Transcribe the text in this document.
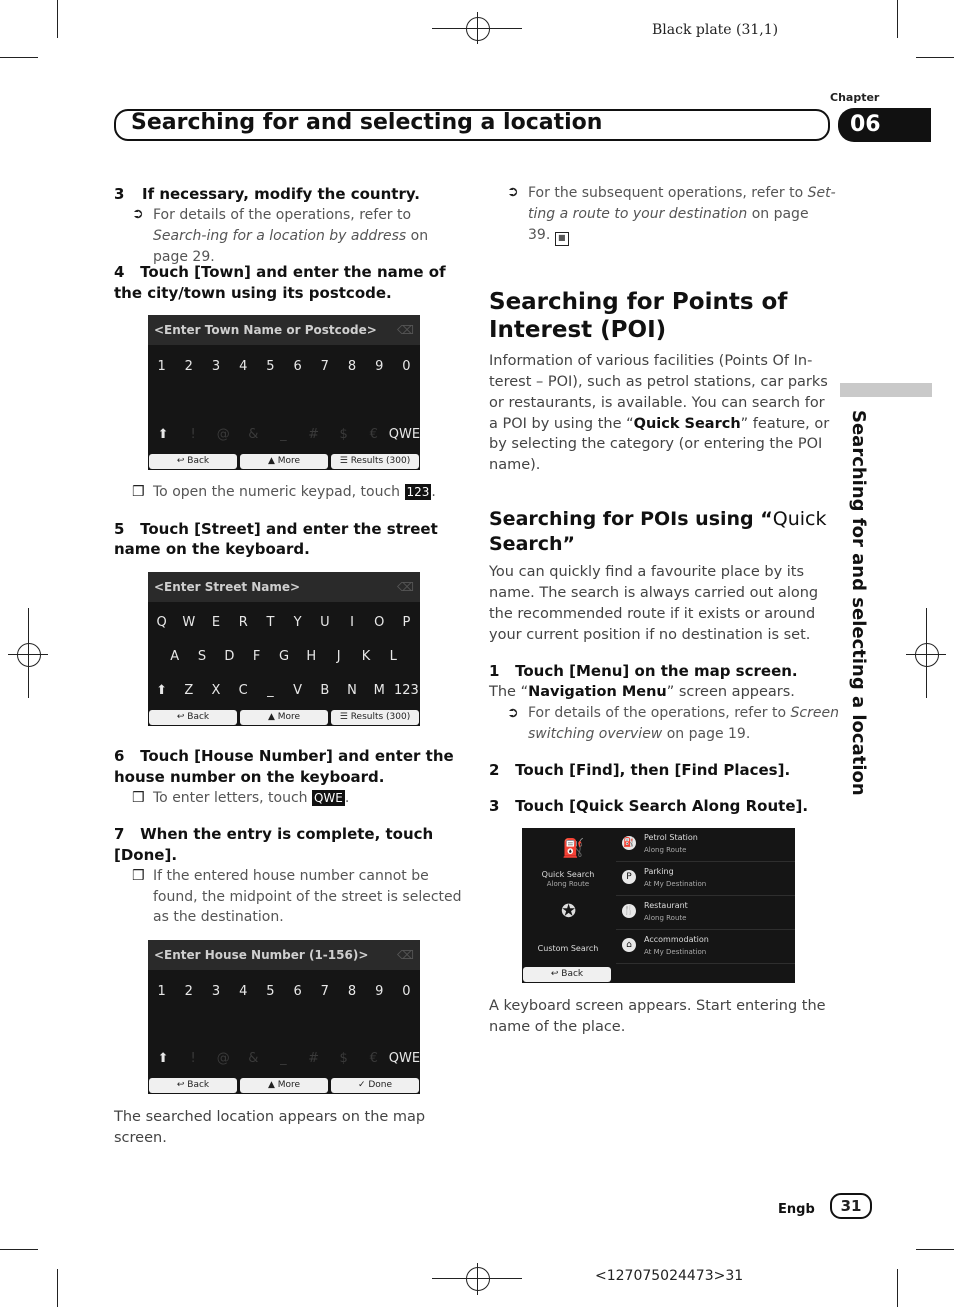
Black plate (31,1)
Chapter
Searching for and selecting a location	06
Searching for and selecting a location
3 If necessary, modify the country.
➲ For details of the operations, refer to Search-ing for a location by address on page 29.
4   Touch [Town] and enter the name of
the city/town using its postcode.
<Enter Town Name or Postcode> ⌫
1	2	3	4	5	6	7	8	9	0
⬆	!	@	&	_	#	$	€ QWE
↩ Back	▲ More	☰ Results (300)
❒ To open the numeric keypad, touch 123 .
5   Touch [Street] and enter the street
name on the keyboard.
<Enter Street Name>	⌫
Q	W	E	R	T	Y	U	I	O	P
A	S	D	F	G	H	J	K	L
⬆	Z	X	C	_	V	B	N	M 123
↩ Back	▲ More	☰ Results (300)
6   Touch [House Number] and enter the
house number on the keyboard.
❒ To enter letters, touch QWE .
7   When the entry is complete, touch
[Done].
❒ If the entered house number cannot be
found, the midpoint of the street is selected
as the destination.
<Enter House Number (1-156)> ⌫
1	2	3	4	5	6	7	8	9	0
⬆	!	@	&	_	#	$	€ QWE
↩ Back	▲ More	✓ Done
The searched location appears on the map
screen.
➲ For the subsequent operations, refer to Set-
ting a route to your destination on page
39. ■
Searching for Points of
Interest (POI)
Information of various facilities (Points Of In-
terest – POI), such as petrol stations, car parks
or restaurants, is available. You can search for
a POI by using the “Quick Search” feature, or
by selecting the category (or entering the POI
name).
Searching for POIs using “Quick
Search”
You can quickly find a favourite place by its
name. The search is always carried out along
the recommended route if it exists or around
your current position if no destination is set.
1   Touch [Menu] on the map screen.
The “Navigation Menu” screen appears.
➲ For details of the operations, refer to Screen
switching overview on page 19.
2   Touch [Find], then [Find Places].
3   Touch [Quick Search Along Route].
⛽
Quick Search
Along Route
✪
Custom Search
↩ Back
⛽
Petrol Station
Along Route
P
Parking
At My Destination
🍴
Restaurant
Along Route
⌂
Accommodation
At My Destination
A keyboard screen appears. Start entering the
name of the place.
Engb	31
<127075024473>31
